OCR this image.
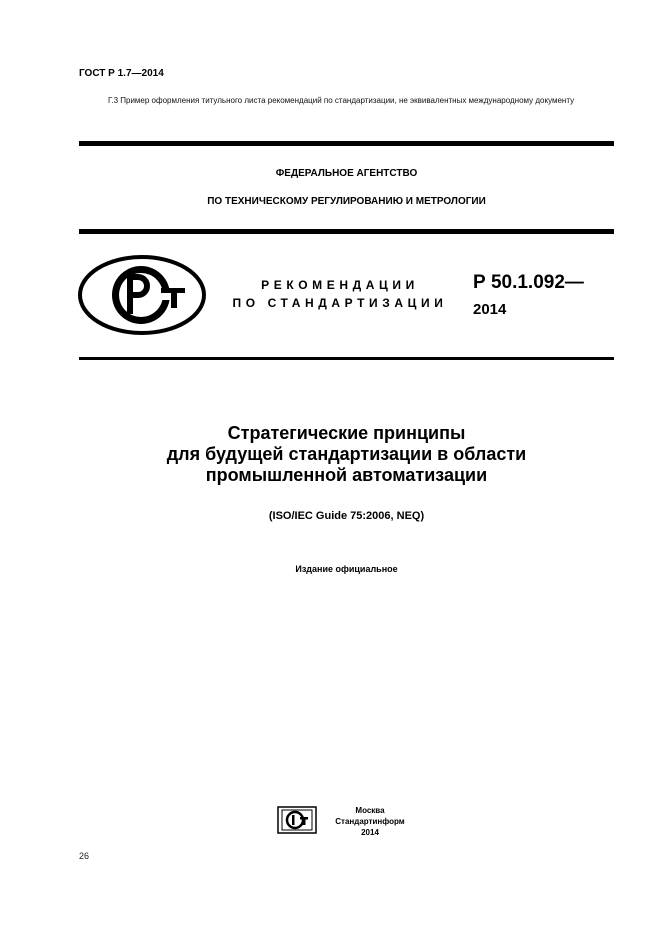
ГОСТ Р 1.7—2014
Г.3 Пример оформления титульного листа рекомендаций по стандартизации, не эквивалентных международному документу
ФЕДЕРАЛЬНОЕ АГЕНТСТВО
ПО ТЕХНИЧЕСКОМУ РЕГУЛИРОВАНИЮ И МЕТРОЛОГИИ
РЕКОМЕНДАЦИИ
ПО СТАНДАРТИЗАЦИИ
Р 50.1.092—
2014
Стратегические принципы
для будущей стандартизации в области
промышленной автоматизации
(ISO/IEC Guide 75:2006, NEQ)
Издание официальное
Москва
Стандартинформ
2014
26
